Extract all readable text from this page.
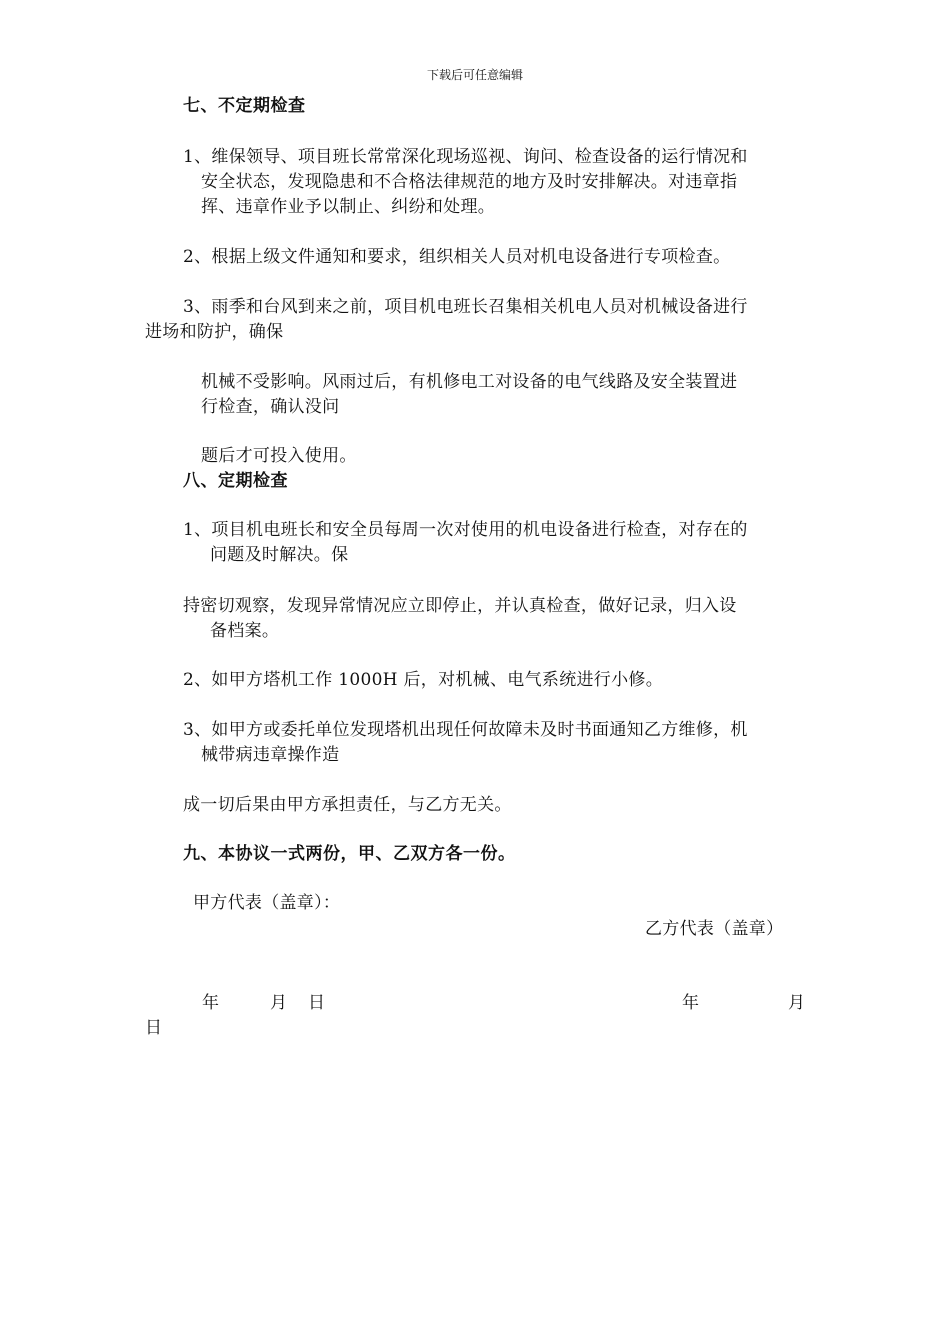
下载后可任意编辑
七、不定期检查
1、维保领导、项目班长常常深化现场巡视、询问、检查设备的运行情况和
安全状态，发现隐患和不合格法律规范的地方及时安排解决。对违章指
挥、违章作业予以制止、纠纷和处理。
2、根据上级文件通知和要求，组织相关人员对机电设备进行专项检查。
3、雨季和台风到来之前，项目机电班长召集相关机电人员对机械设备进行
进场和防护，确保
机械不受影响。风雨过后，有机修电工对设备的电气线路及安全装置进
行检查，确认没问
题后才可投入使用。
八、定期检查
1、项目机电班长和安全员每周一次对使用的机电设备进行检查，对存在的
问题及时解决。保
持密切观察，发现异常情况应立即停止，并认真检查，做好记录，归入设
备档案。
2、如甲方塔机工作 1000H 后，对机械、电气系统进行小修。
3、如甲方或委托单位发现塔机出现任何故障未及时书面通知乙方维修，机
械带病违章操作造
成一切后果由甲方承担责任，与乙方无关。
九、本协议一式两份，甲、乙双方各一份。
甲方代表（盖章）：
乙方代表（盖章）
年	月 日	年	月
日
